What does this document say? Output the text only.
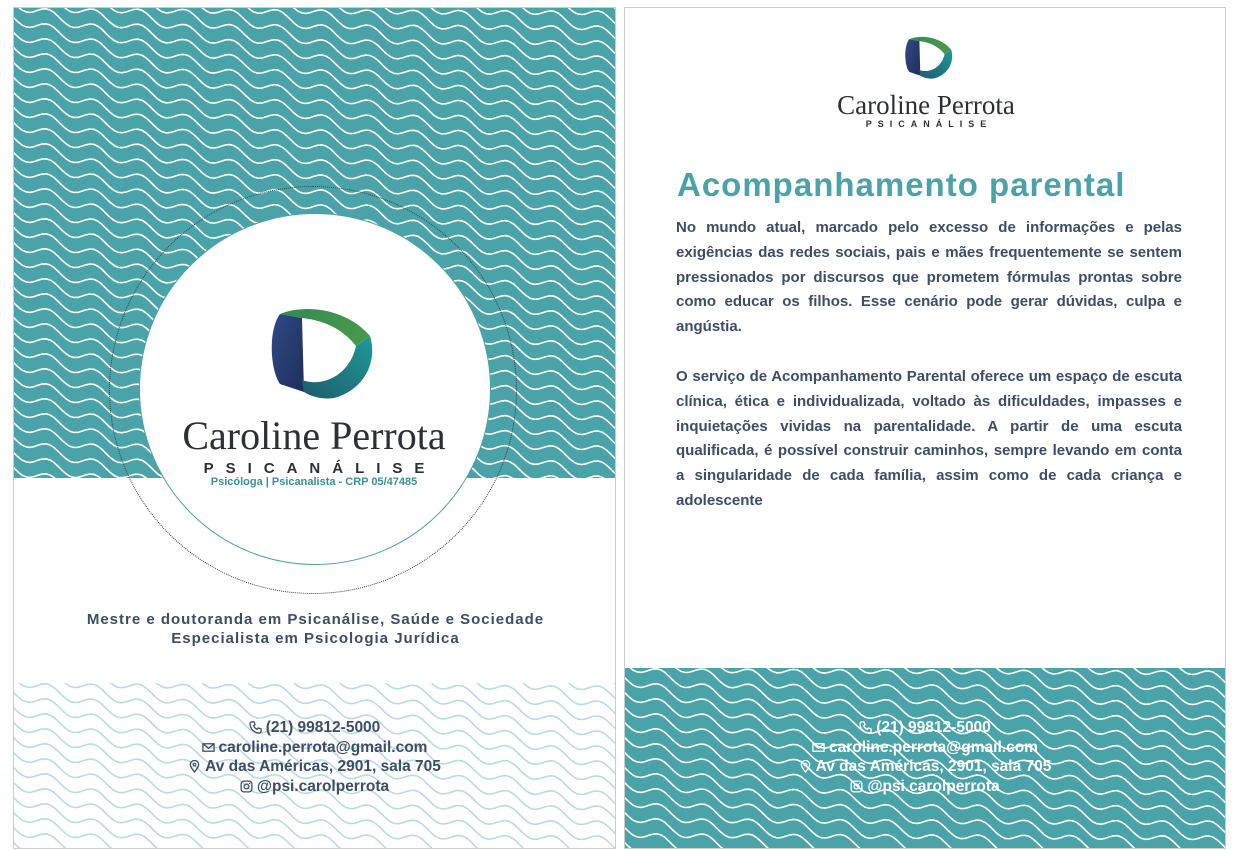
Caroline Perrota
PSICANÁLISE
Psicóloga | Psicanalista - CRP 05/47485
Mestre e doutoranda em Psicanálise, Saúde e Sociedade
Especialista em Psicologia Jurídica
(21) 99812-5000
caroline.perrota@gmail.com
Av das Américas, 2901, sala 705
@psi.carolperrota
Caroline Perrota
PSICANÁLISE
Acompanhamento parental

No mundo atual, marcado pelo excesso de informações e pelas exigências das redes sociais, pais e mães frequentemente se sentem pressionados por discursos que prometem fórmulas prontas sobre como educar os filhos. Esse cenário pode gerar dúvidas, culpa e angústia.

O serviço de Acompanhamento Parental oferece um espaço de escuta clínica, ética e individualizada, voltado às dificuldades, impasses e inquietações vividas na parentalidade. A partir de uma escuta qualificada, é possível construir caminhos, sempre levando em conta a singularidade de cada família, assim como de cada criança e adolescente

(21) 99812-5000
caroline.perrota@gmail.com
Av das Américas, 2901, sala 705
@psi.carolperrota
